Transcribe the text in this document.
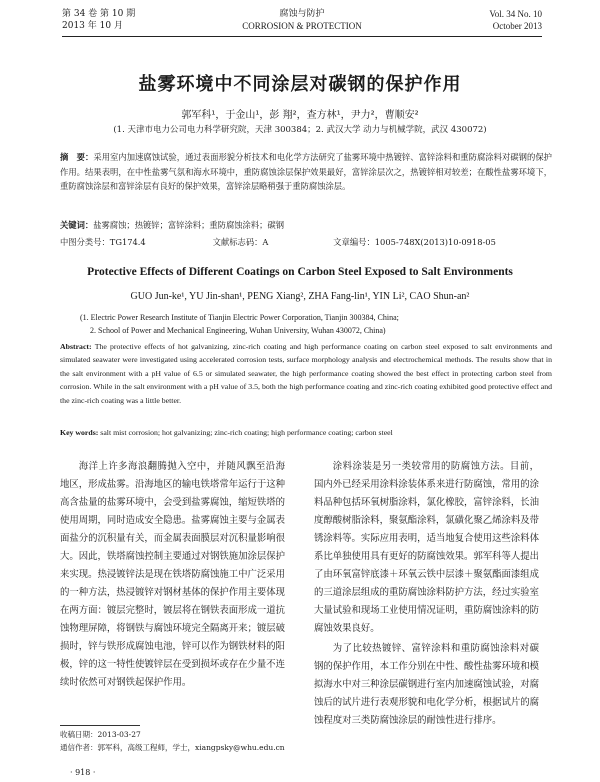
第 34 卷 第 10 期
2013 年 10 月
腐蚀与防护
CORROSION & PROTECTION
Vol. 34 No. 10
October 2013
盐雾环境中不同涂层对碳钢的保护作用
郭军科¹，于金山¹，彭 翔²，查方林¹，尹力²，曹顺安²
(1. 天津市电力公司电力科学研究院，天津 300384；2. 武汉大学 动力与机械学院，武汉 430072)
摘　要：采用室内加速腐蚀试验，通过表面形貌分析技术和电化学方法研究了盐雾环境中热镀锌、富锌涂料和重防腐涂料对碳钢的保护作用。结果表明，在中性盐雾气氛和海水环境中，重防腐蚀涂层保护效果最好，富锌涂层次之，热镀锌相对较差；在酸性盐雾环境下，重防腐蚀涂层和富锌涂层有良好的保护效果，富锌涂层略稍强于重防腐蚀涂层。
关键词：盐雾腐蚀；热镀锌；富锌涂料；重防腐蚀涂料；碳钢
中图分类号：TG174.4	文献标志码：A	文章编号：1005-748X(2013)10-0918-05
Protective Effects of Different Coatings on Carbon Steel Exposed to Salt Environments
GUO Jun-ke¹, YU Jin-shan¹, PENG Xiang², ZHA Fang-lin¹, YIN Li², CAO Shun-an²
(1. Electric Power Research Institute of Tianjin Electric Power Corporation, Tianjin 300384, China;
2. School of Power and Mechanical Engineering, Wuhan University, Wuhan 430072, China)
Abstract: The protective effects of hot galvanizing, zinc-rich coating and high performance coating on carbon steel exposed to salt environments and simulated seawater were investigated using accelerated corrosion tests, surface morphology analysis and electrochemical methods. The results show that in the salt environment with a pH value of 6.5 or simulated seawater, the high performance coating showed the best effect in protecting carbon steel from corrosion. While in the salt environment with a pH value of 3.5, both the high performance coating and zinc-rich coating exhibited good protective effect and the zinc-rich coating was a little better.
Key words: salt mist corrosion; hot galvanizing; zinc-rich coating; high performance coating; carbon steel

海洋上许多海浪翻腾抛入空中，并随风飘至沿海地区，形成盐雾。沿海地区的输电铁塔常年运行于这种高含盐量的盐雾环境中，会受到盐雾腐蚀，缩短铁塔的使用周期，同时造成安全隐患。盐雾腐蚀主要与金属表面盐分的沉积量有关，而金属表面膜层对沉积量影响很大。因此，铁塔腐蚀控制主要通过对钢铁施加涂层保护来实现。热浸镀锌法是现在铁塔防腐蚀施工中广泛采用的一种方法，热浸镀锌对钢材基体的保护作用主要体现在两方面：镀层完整时，镀层将在钢铁表面形成一道抗蚀物理屏障，将钢铁与腐蚀环境完全隔离开来；镀层破损时，锌与铁形成腐蚀电池，锌可以作为钢铁材料的阳极，锌的这一特性使镀锌层在受到损坏或存在少量不连续时依然可对钢铁起保护作用。

涂料涂装是另一类较常用的防腐蚀方法。目前，国内外已经采用涂料涂装体系来进行防腐蚀，常用的涂料品种包括环氧树脂涂料，氯化橡胶，富锌涂料，长油度醇酸树脂涂料，聚氨酯涂料，氯磺化聚乙烯涂料及带锈涂料等。实际应用表明，适当地复合使用这些涂料体系比单独使用具有更好的防腐蚀效果。郭军科等人提出了由环氧富锌底漆＋环氧云铁中层漆＋聚氨酯面漆组成的三道涂层组成的重防腐蚀涂料防护方法，经过实验室大量试验和现场工业使用情况证明，重防腐蚀涂料的防腐蚀效果良好。

为了比较热镀锌、富锌涂料和重防腐蚀涂料对碳钢的保护作用，本工作分别在中性、酸性盐雾环境和模拟海水中对三种涂层碳钢进行室内加速腐蚀试验，对腐蚀后的试片进行表观形貌和电化学分析，根据试片的腐蚀程度对三类防腐蚀涂层的耐蚀性进行排序。

收稿日期：2013-03-27
通信作者：郭军科，高级工程师，学士，xiangpsky@whu.edu.cn
· 918 ·
